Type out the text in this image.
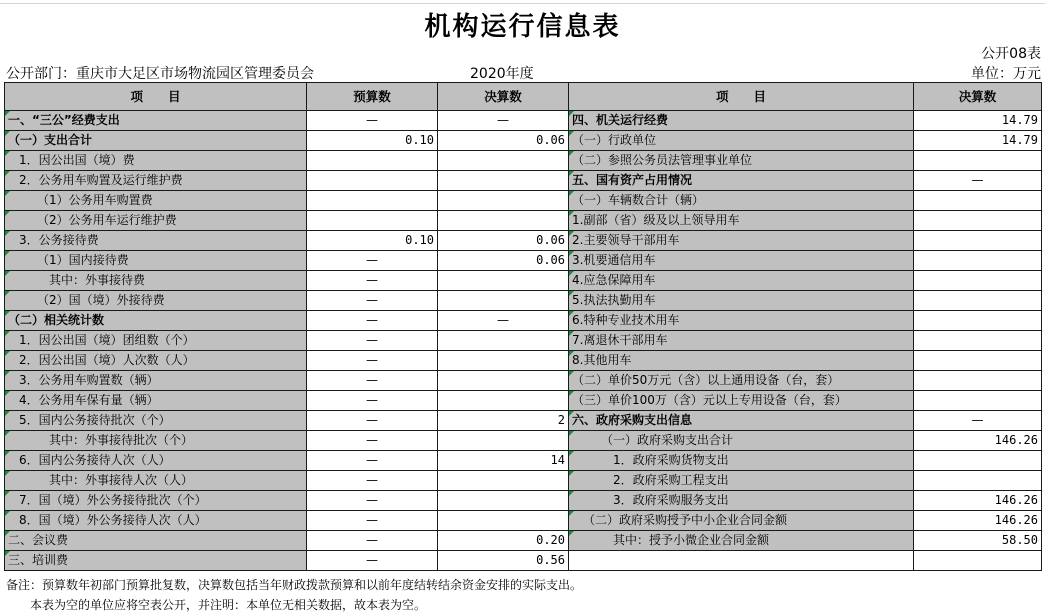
机构运行信息表
公开08表
公开部门：重庆市大足区市场物流园区管理委员会	2020年度	单位：万元
项　　目	预算数	决算数	项　　目	决算数
一、“三公”经费支出	—	—	四、机关运行经费	14.79
（一）支出合计	0.10	0.06	（一）行政单位	14.79
1．因公出国（境）费			（二）参照公务员法管理事业单位	
2．公务用车购置及运行维护费			五、国有资产占用情况	—
（1）公务用车购置费			（一）车辆数合计（辆）	
（2）公务用车运行维护费			1.副部（省）级及以上领导用车	
3．公务接待费	0.10	0.06	2.主要领导干部用车	
（1）国内接待费	—	0.06	3.机要通信用车	
其中：外事接待费	—		4.应急保障用车	
（2）国（境）外接待费	—		5.执法执勤用车	
（二）相关统计数	—	—	6.特种专业技术用车	
1．因公出国（境）团组数（个）	—		7.离退休干部用车	
2．因公出国（境）人次数（人）	—		8.其他用车	
3．公务用车购置数（辆）	—		（二）单价50万元（含）以上通用设备（台，套）	
4．公务用车保有量（辆）	—		（三）单价100万（含）元以上专用设备（台，套）	
5．国内公务接待批次（个）	—	2	六、政府采购支出信息	—
其中：外事接待批次（个）	—		（一）政府采购支出合计	146.26
6．国内公务接待人次（人）	—	14	1．政府采购货物支出	
其中：外事接待人次（人）	—		2．政府采购工程支出	
7．国（境）外公务接待批次（个）	—		3．政府采购服务支出	146.26
8．国（境）外公务接待人次（人）	—		（二）政府采购授予中小企业合同金额	146.26
二、会议费	—	0.20	其中：授予小微企业合同金额	58.50
三、培训费	—	0.56		
备注：预算数年初部门预算批复数，决算数包括当年财政拨款预算和以前年度结转结余资金安排的实际支出。
本表为空的单位应将空表公开，并注明：本单位无相关数据，故本表为空。
